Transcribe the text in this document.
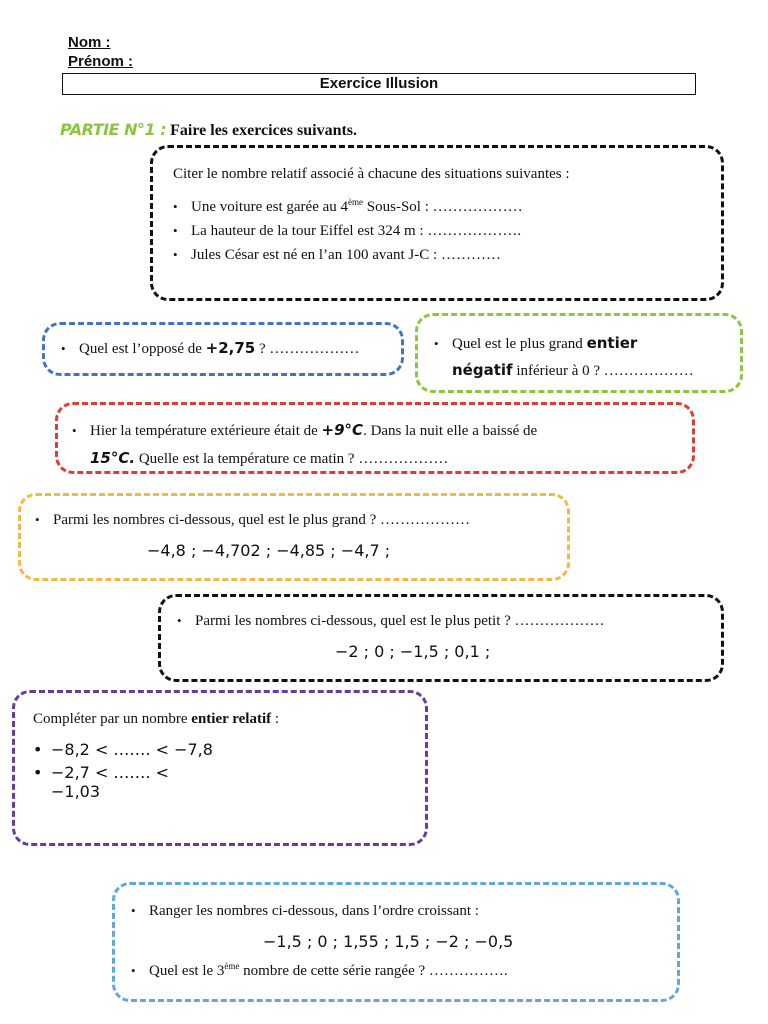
Nom :
Prénom :
Exercice Illusion
PARTIE N°1 : Faire les exercices suivants.

Citer le nombre relatif associé à chacune des situations suivantes :

• Une voiture est garée au 4ème Sous-Sol : ………………

• La hauteur de la tour Eiffel est 324 m : ……………….

• Jules César est né en l’an 100 avant J-C : …………

• Quel est l’opposé de +2,75 ? ………………

•	Quel est le plus grand entier

négatif inférieur à 0 ? ………………

• Hier la température extérieure était de +9°C. Dans la nuit elle a baissé de

15°C. Quelle est la température ce matin ? ………………

• Parmi les nombres ci-dessous, quel est le plus grand ? ………………

−4,8 ; −4,702 ; −4,85 ; −4,7 ;

• Parmi les nombres ci-dessous, quel est le plus petit ? ………………

−2 ; 0 ; −1,5 ; 0,1 ;

Compléter par un nombre entier relatif :

• −8,2 < ……. < −7,8

• −2,7 < ……. <

−1,03

• Ranger les nombres ci-dessous, dans l’ordre croissant :

−1,5 ; 0 ; 1,55 ; 1,5 ; −2 ; −0,5

• Quel est le 3ème nombre de cette série rangée ? …………….
